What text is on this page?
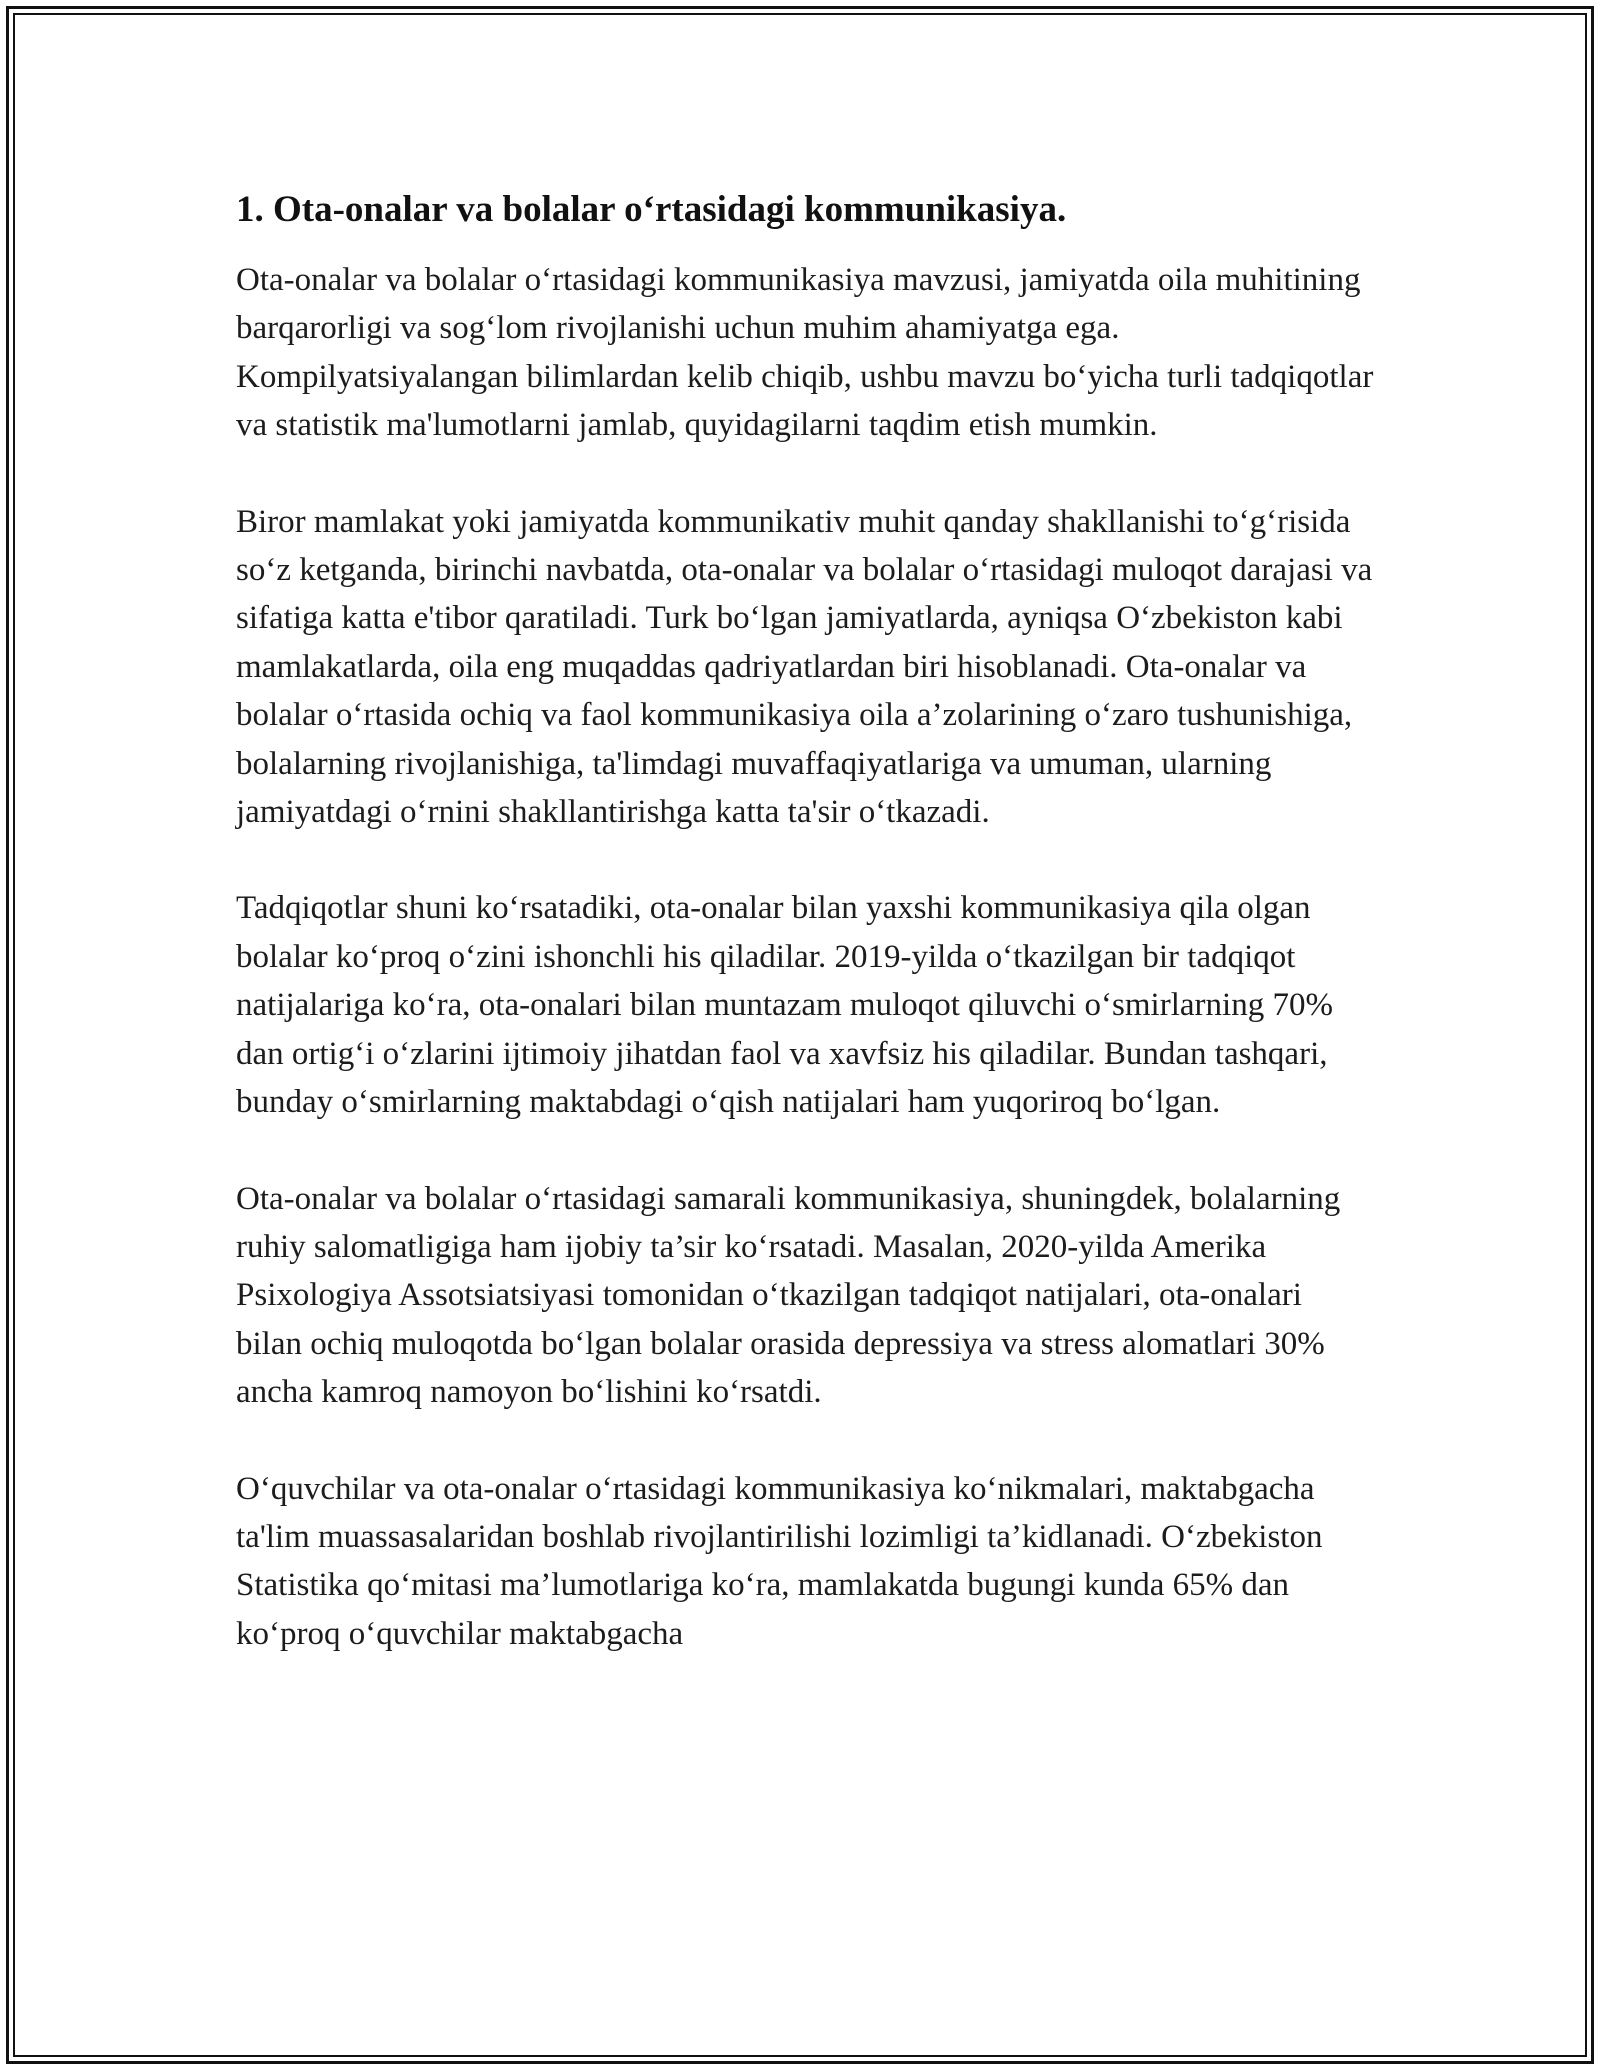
1. Ota-onalar va bolalar o‘rtasidagi kommunikasiya.

Ota-onalar va bolalar o‘rtasidagi kommunikasiya mavzusi, jamiyatda oila muhitining barqarorligi va sog‘lom rivojlanishi uchun muhim ahamiyatga ega. Kompilyatsiyalangan bilimlardan kelib chiqib, ushbu mavzu bo‘yicha turli tadqiqotlar va statistik ma'lumotlarni jamlab, quyidagilarni taqdim etish mumkin.

Biror mamlakat yoki jamiyatda kommunikativ muhit qanday shakllanishi to‘g‘risida so‘z ketganda, birinchi navbatda, ota-onalar va bolalar o‘rtasidagi muloqot darajasi va sifatiga katta e'tibor qaratiladi. Turk bo‘lgan jamiyatlarda, ayniqsa O‘zbekiston kabi mamlakatlarda, oila eng muqaddas qadriyatlardan biri hisoblanadi. Ota-onalar va bolalar o‘rtasida ochiq va faol kommunikasiya oila a’zolarining o‘zaro tushunishiga, bolalarning rivojlanishiga, ta'limdagi muvaffaqiyatlariga va umuman, ularning jamiyatdagi o‘rnini shakllantirishga katta ta'sir o‘tkazadi.

Tadqiqotlar shuni ko‘rsatadiki, ota-onalar bilan yaxshi kommunikasiya qila olgan bolalar ko‘proq o‘zini ishonchli his qiladilar. 2019-yilda o‘tkazilgan bir tadqiqot natijalariga ko‘ra, ota-onalari bilan muntazam muloqot qiluvchi o‘smirlarning 70% dan ortig‘i o‘zlarini ijtimoiy jihatdan faol va xavfsiz his qiladilar. Bundan tashqari, bunday o‘smirlarning maktabdagi o‘qish natijalari ham yuqoriroq bo‘lgan.

Ota-onalar va bolalar o‘rtasidagi samarali kommunikasiya, shuningdek, bolalarning ruhiy salomatligiga ham ijobiy ta’sir ko‘rsatadi. Masalan, 2020-yilda Amerika Psixologiya Assotsiatsiyasi tomonidan o‘tkazilgan tadqiqot natijalari, ota-onalari bilan ochiq muloqotda bo‘lgan bolalar orasida depressiya va stress alomatlari 30% ancha kamroq namoyon bo‘lishini ko‘rsatdi.

O‘quvchilar va ota-onalar o‘rtasidagi kommunikasiya ko‘nikmalari, maktabgacha ta'lim muassasalaridan boshlab rivojlantirilishi lozimligi ta’kidlanadi. O‘zbekiston Statistika qo‘mitasi ma’lumotlariga ko‘ra, mamlakatda bugungi kunda 65% dan ko‘proq o‘quvchilar maktabgacha
